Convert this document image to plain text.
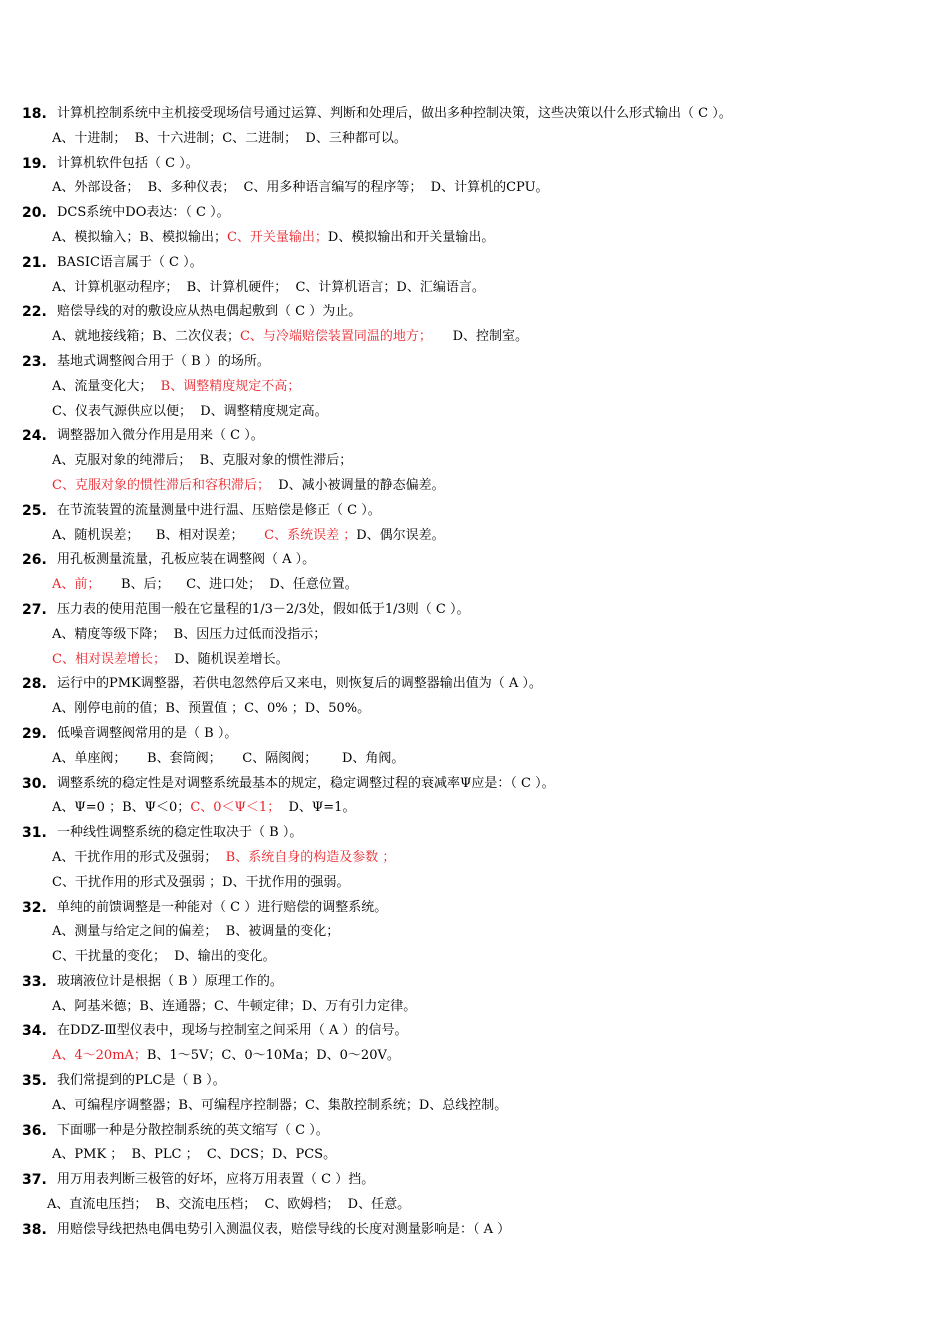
18. 计算机控制系统中主机接受现场信号通过运算、判断和处理后，做出多种控制决策，这些决策以什么形式输出（ C ）。
A、十进制；  B、十六进制；C、二进制；  D、三种都可以。
19. 计算机软件包括（ C ）。
A、外部设备；  B、多种仪表；  C、用多种语言编写的程序等；  D、计算机的CPU。
20. DCS系统中DO表达：（ C ）。
A、模拟输入；B、模拟输出；C、开关量输出；D、模拟输出和开关量输出。
21. BASIC语言属于（ C ）。
A、计算机驱动程序；  B、计算机硬件；  C、计算机语言；D、汇编语言。
22. 赔偿导线的对的敷设应从热电偶起敷到（ C ）为止。
A、就地接线箱；B、二次仪表；C、与冷端赔偿装置同温的地方；     D、控制室。
23. 基地式调整阀合用于（ B ）的场所。
A、流量变化大；  B、调整精度规定不高；
C、仪表气源供应以便；  D、调整精度规定高。
24. 调整器加入微分作用是用来（ C ）。
A、克服对象的纯滞后；  B、克服对象的惯性滞后；
C、克服对象的惯性滞后和容积滞后；  D、减小被调量的静态偏差。
25. 在节流装置的流量测量中进行温、压赔偿是修正（ C ）。
A、随机误差；    B、相对误差；     C、系统误差 ；D、偶尔误差。
26. 用孔板测量流量，孔板应装在调整阀（ A ）。
A、前；     B、后；    C、进口处；  D、任意位置。
27. 压力表的使用范围一般在它量程的1/3－2/3处，假如低于1/3则（ C ）。
A、精度等级下降；  B、因压力过低而没指示；
C、相对误差增长；  D、随机误差增长。
28. 运行中的PMK调整器，若供电忽然停后又来电，则恢复后的调整器输出值为（ A ）。
A、刚停电前的值；B、预置值 ；C、0% ；D、50%。
29. 低噪音调整阀常用的是（ B ）。
A、单座阀；     B、套筒阀；     C、隔阂阀；      D、角阀。
30. 调整系统的稳定性是对调整系统最基本的规定，稳定调整过程的衰减率Ψ应是：（ C ）。
A、Ψ=0 ；B、Ψ＜0；C、0＜Ψ＜1；  D、Ψ=1。
31. 一种线性调整系统的稳定性取决于（ B ）。
A、干扰作用的形式及强弱；  B、系统自身的构造及参数 ；
C、干扰作用的形式及强弱 ；D、干扰作用的强弱。
32. 单纯的前馈调整是一种能对（ C ）进行赔偿的调整系统。
A、测量与给定之间的偏差；  B、被调量的变化；
C、干扰量的变化；  D、输出的变化。
33. 玻璃液位计是根据（ B ）原理工作的。
A、阿基米德；B、连通器；C、牛顿定律；D、万有引力定律。
34. 在DDZ-Ⅲ型仪表中，现场与控制室之间采用（ A ）的信号。
A、4～20mA；B、1～5V；C、0～10Ma；D、0～20V。
35. 我们常提到的PLC是（ B ）。
A、可编程序调整器；B、可编程序控制器；C、集散控制系统；D、总线控制。
36. 下面哪一种是分散控制系统的英文缩写（ C ）。
A、PMK ；  B、PLC ；  C、DCS；D、PCS。
37. 用万用表判断三极管的好坏，应将万用表置（ C ）挡。
A、直流电压挡；  B、交流电压档；  C、欧姆档；  D、任意。
38. 用赔偿导线把热电偶电势引入测温仪表，赔偿导线的长度对测量影响是：（ A ）
